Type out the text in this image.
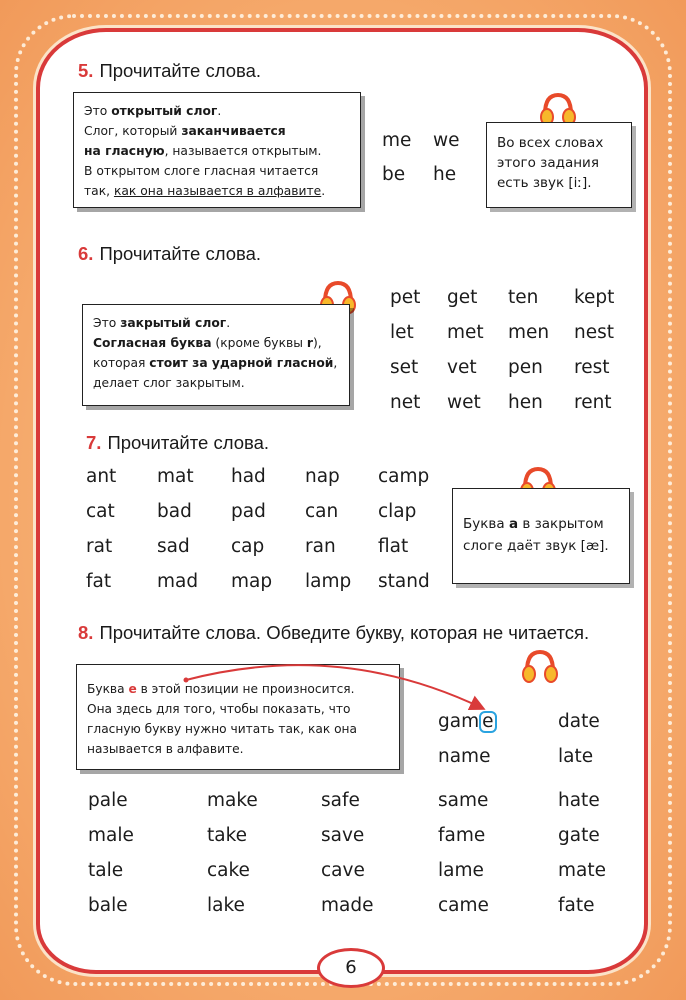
5. Прочитайте слова.
Это открытый слог.
Слог, который заканчивается
на гласную, называется открытым.
В открытом слоге гласная читается
так, как она называется в алфавите.
me we
be he
Во всех словах
этого задания
есть звук [iː].
6. Прочитайте слова.
Это закрытый слог.
Согласная буква (кроме буквы r),
которая стоит за ударной гласной,
делает слог закрытым.
pet get ten kept
let met men nest
set vet pen rest
net wet hen rent
7. Прочитайте слова.
ant mat had nap camp
cat bad pad can clap
rat sad cap ran flat
fat mad map lamp stand
Буква a в закрытом
слоге даёт звук [æ].
8. Прочитайте слова. Обведите букву, которая не читается.
Буква e в этой позиции не произносится.
Она здесь для того, чтобы показать, что
гласную букву нужно читать так, как она
называется в алфавите.
gam e	date
name	late
pale	make	safe	same	hate
male	take	save	fame	gate
tale	cake	cave	lame	mate
bale	lake	made	came	fate
6
